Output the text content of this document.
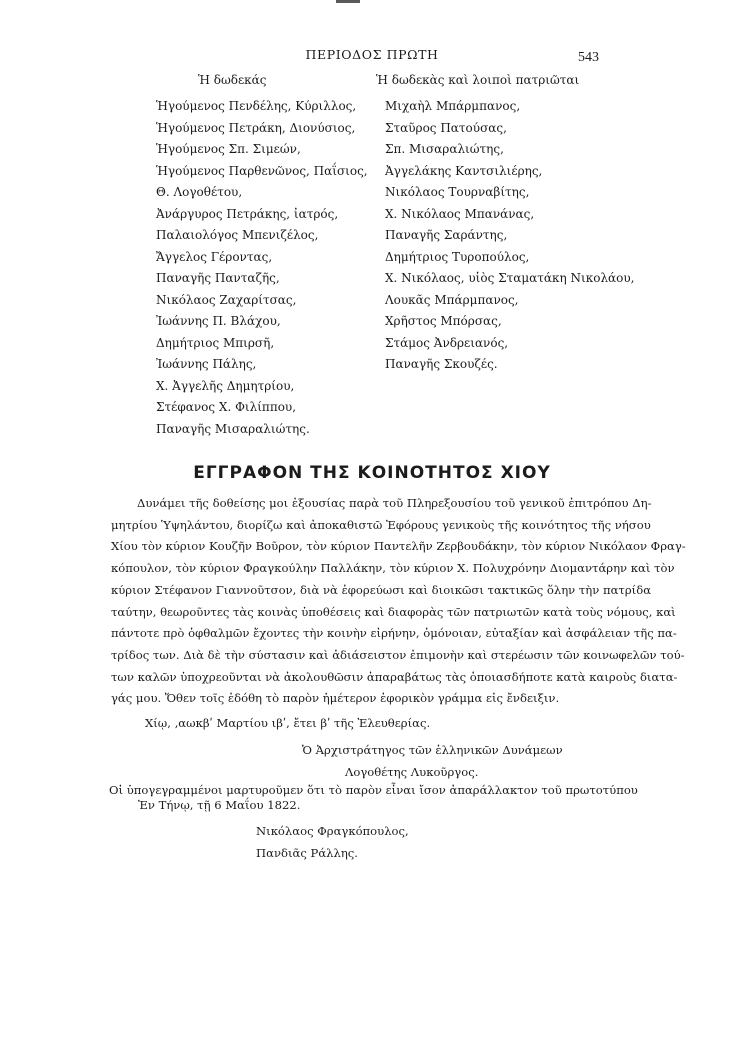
ΠΕΡΙΟΔΟΣ ΠΡΩΤΗ	543
Ἡ δωδεκάς
Ἡγούμενος Πενδέλης, Κύριλλος,
Ἡγούμενος Πετράκη, Διονύσιος,
Ἡγούμενος Σπ. Σιμεών,
Ἡγούμενος Παρθενῶνος, Παΐσιος,
Θ. Λογοθέτου,
Ἀνάργυρος Πετράκης, ἰατρός,
Παλαιολόγος Μπενιζέλος,
Ἄγγελος Γέροντας,
Παναγῆς Πανταζῆς,
Νικόλαος Ζαχαρίτσας,
Ἰωάννης Π. Βλάχου,
Δημήτριος Μπιρσῆ,
Ἰωάννης Πάλης,
Χ. Ἀγγελῆς Δημητρίου,
Στέφανος Χ. Φιλίππου,
Παναγῆς Μισαραλιώτης.
Ἡ δωδεκὰς καὶ λοιποὶ πατριῶται
Μιχαὴλ Μπάρμπανος,
Σταῦρος Πατούσας,
Σπ. Μισαραλιώτης,
Ἀγγελάκης Καντσιλιέρης,
Νικόλαος Τουρναβίτης,
Χ. Νικόλαος Μπανάνας,
Παναγῆς Σαράντης,
Δημήτριος Τυροπούλος,
Χ. Νικόλαος, υἱὸς Σταματάκη Νικολάου,
Λουκᾶς Μπάρμπανος,
Χρῆστος Μπόρσας,
Στάμος Ἀνδρειανός,
Παναγῆς Σκουζές.
ΕΓΓΡΑΦΟΝ ΤΗΣ ΚΟΙΝΟΤΗΤΟΣ ΧΙΟΥ

Δυνάμει τῆς δοθείσης μοι ἐξουσίας παρὰ τοῦ Πληρεξουσίου τοῦ γενικοῦ ἐπιτρόπου Δη-
μητρίου Ὑψηλάντου, διορίζω καὶ ἀποκαθιστῶ Ἐφόρους γενικοὺς τῆς κοινότητος τῆς νήσου
Χίου τὸν κύριον Κουζῆν Βοῦρον, τὸν κύριον Παντελῆν Ζερβουδάκην, τὸν κύριον Νικόλαον Φραγ-
κόπουλον, τὸν κύριον Φραγκούλην Παλλάκην, τὸν κύριον Χ. Πολυχρόνην Διομαντάρην καὶ τὸν
κύριον Στέφανον Γιαννοῦτσον, διὰ νὰ ἐφορεύωσι καὶ διοικῶσι τακτικῶς ὅλην τὴν πατρίδα
ταύτην, θεωροῦντες τὰς κοινὰς ὑποθέσεις καὶ διαφορὰς τῶν πατριωτῶν κατὰ τοὺς νόμους, καὶ
πάντοτε πρὸ ὀφθαλμῶν ἔχοντες τὴν κοινὴν εἰρήνην, ὁμόνοιαν, εὐταξίαν καὶ ἀσφάλειαν τῆς πα-
τρίδος των. Διὰ δὲ τὴν σύστασιν καὶ ἀδιάσειστον ἐπιμονὴν καὶ στερέωσιν τῶν κοινωφελῶν τού-
των καλῶν ὑποχρεοῦνται νὰ ἀκολουθῶσιν ἀπαραβάτως τὰς ὁποιασδήποτε κατὰ καιροὺς διατα-
γάς μου. Ὅθεν τοῖς ἐδόθη τὸ παρὸν ἡμέτερον ἐφορικὸν γράμμα εἰς ἔνδειξιν.

Χίῳ, ‚αωκβʹ Μαρτίου ιβʹ, ἔτει βʹ τῆς Ἐλευθερίας.
Ὁ Ἀρχιστράτηγος τῶν ἑλληνικῶν Δυνάμεων
Λογοθέτης Λυκοῦργος.
Οἱ ὑπογεγραμμένοι μαρτυροῦμεν ὅτι τὸ παρὸν εἶναι ἴσον ἀπαράλλακτον τοῦ πρωτοτύπου
Ἐν Τήνῳ, τῇ 6 Μαΐου 1822.
Νικόλαος Φραγκόπουλος,
Πανδιᾶς Ράλλης.
